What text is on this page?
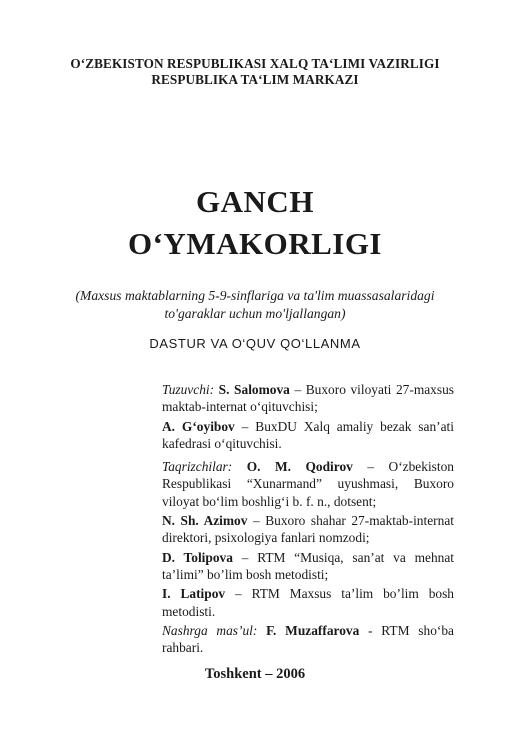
O‘ZBEKISTON RESPUBLIKASI XALQ TA‘LIMI VAZIRLIGI
RESPUBLIKA TA‘LIM MARKAZI
GANCH
O‘YMAKORLIGI
(Maxsus maktablarning 5-9-sinflariga va ta'lim muassasalaridagi
to'garaklar uchun mo'ljallangan)
DASTUR VA O‘QUV QO‘LLANMA

Tuzuvchi: S. Salomova – Buxoro viloyati 27-maxsus maktab-internat o‘qituvchisi;

A. G‘oyibov – BuxDU Xalq amaliy bezak san’ati kafedrasi o‘qituvchisi.

Taqrizchilar: O. M. Qodirov – O‘zbekiston Respublikasi “Xunarmand” uyushmasi, Buxoro viloyat bo‘lim boshlig‘i b. f. n., dotsent;

N. Sh. Azimov – Buxoro shahar 27-maktab-internat direktori, psixologiya fanlari nomzodi;

D. Tolipova – RTM “Musiqa, san’at va mehnat ta’limi” bo’lim bosh metodisti;

I. Latipov – RTM Maxsus ta’lim bo’lim bosh metodisti.

Nashrga mas’ul: F. Muzaffarova - RTM sho‘ba rahbari.

Toshkent – 2006
